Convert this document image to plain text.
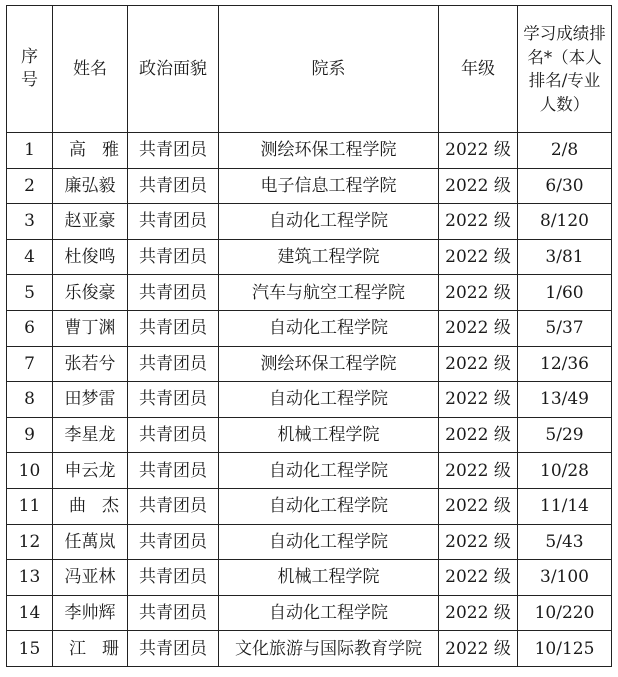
序号	姓名	政治面貌	院系	年级	学习成绩排名*（本人排名/专业人数）
1	高雅	共青团员	测绘环保工程学院	2022 级	2/8
2	廉弘毅	共青团员	电子信息工程学院	2022 级	6/30
3	赵亚豪	共青团员	自动化工程学院	2022 级	8/120
4	杜俊鸣	共青团员	建筑工程学院	2022 级	3/81
5	乐俊豪	共青团员	汽车与航空工程学院	2022 级	1/60
6	曹丁渊	共青团员	自动化工程学院	2022 级	5/37
7	张若兮	共青团员	测绘环保工程学院	2022 级	12/36
8	田梦雷	共青团员	自动化工程学院	2022 级	13/49
9	李星龙	共青团员	机械工程学院	2022 级	5/29
10	申云龙	共青团员	自动化工程学院	2022 级	10/28
11	曲杰	共青团员	自动化工程学院	2022 级	11/14
12	任萬岚	共青团员	自动化工程学院	2022 级	5/43
13	冯亚林	共青团员	机械工程学院	2022 级	3/100
14	李帅辉	共青团员	自动化工程学院	2022 级	10/220
15	江珊	共青团员	文化旅游与国际教育学院	2022 级	10/125
